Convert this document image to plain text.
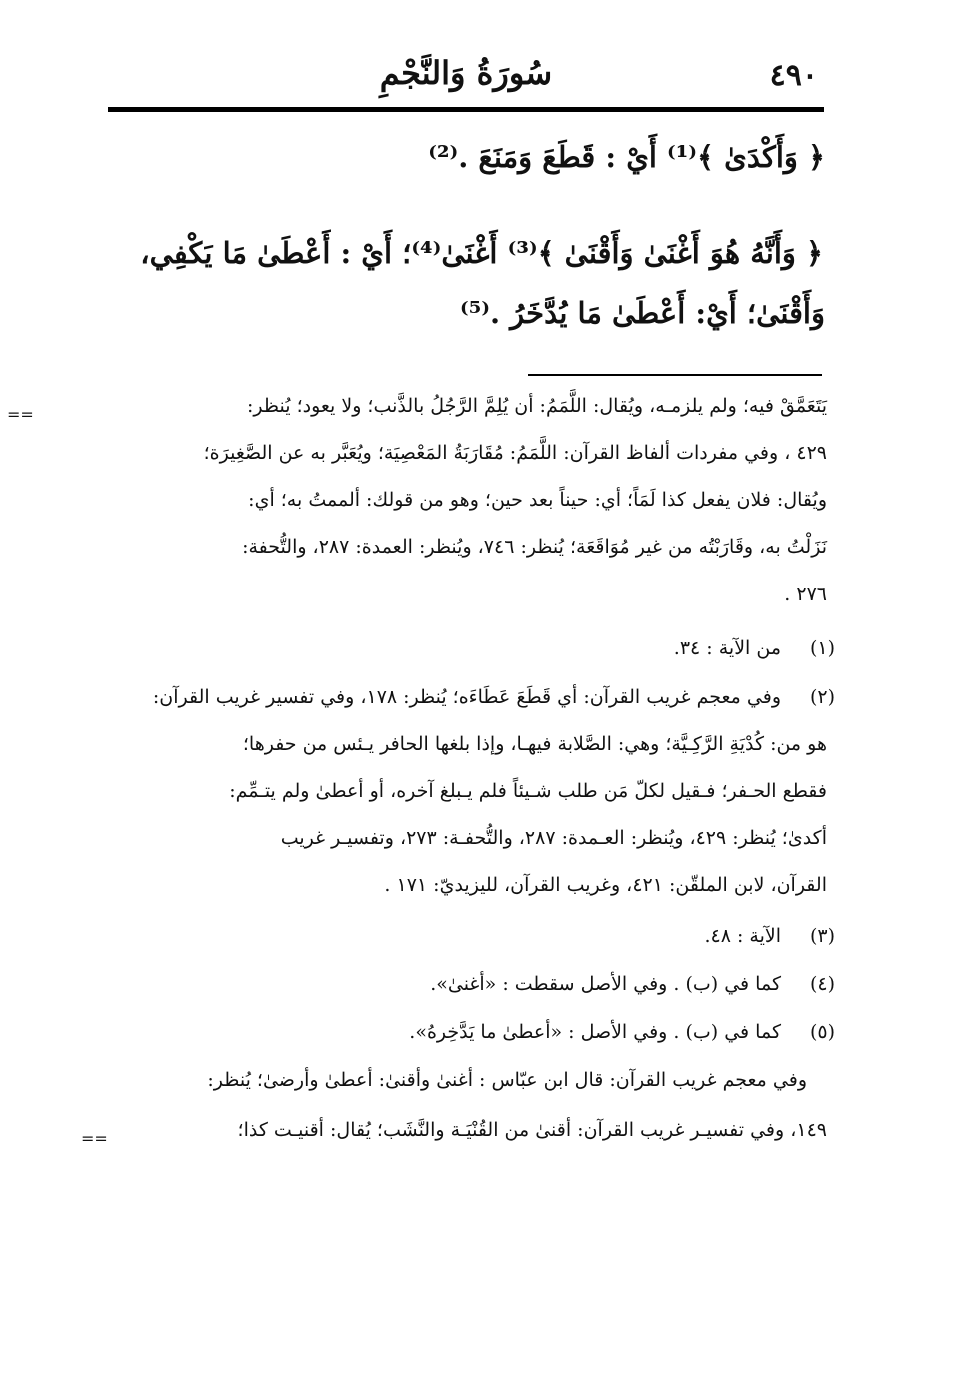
٤٩٠
سُورَةُ وَالنَّجْمِ
﴿ وَأَكْدَىٰ ﴾⁽¹⁾ أَيْ : قَطَعَ وَمَنَعَ .⁽²⁾
﴿ وَأَنَّهُ هُوَ أَغْنَىٰ وَأَقْنَىٰ ﴾⁽³⁾ أَغْنَىٰ⁽⁴⁾؛ أَيْ : أَعْطَىٰ مَا يَكْفِي،
وَأَقْنَىٰ؛ أَيْ: أَعْطَىٰ مَا يُدَّخَرُ .⁽⁵⁾
==	يَتَعَمَّقْ فيه؛ ولم يلزمـه، ويُقال: اللَّمَمُ: أن يُلِمَّ الرَّجُلُ بالذَّنب؛ ولا يعود؛ يُنظر:
٤٢٩ ، وفي مفردات ألفاظ القرآن: اللَّمَمُ: مُقَارَبَةُ المَعْصِيَة؛ ويُعَبَّر به عن الصَّغِيرَة؛
ويُقال: فلان يفعل كذا لَمَاً؛ أي: حيناً بعد حين؛ وهو من قولك: ألممتُ به؛ أي:
نَزَلْتُ به، وقَارَبْتُه من غير مُوَاقَعَة؛ يُنظر: ٧٤٦، ويُنظر: العمدة: ٢٨٧، والتُّحفة:
٢٧٦ .
(١)
من الآية : ٣٤.
(٢)
وفي معجم غريب القرآن: أي قَطَعَ عَطَاءَه؛ يُنظر: ١٧٨، وفي تفسير غريب القرآن:
هو من: كُدْيَةِ الرَّكِـيَّة؛ وهي: الصَّلابة فيهـا، وإذا بلغها الحافر يـئس من حفرها؛
فقطع الحـفر؛ فـقيل لكلّ مَن طلب شـيئاً فلم يـبلغ آخره، أو أعطىٰ ولم يتـمِّم:
أكدىٰ؛ يُنظر: ٤٢٩، ويُنظر: العـمدة: ٢٨٧، والتُّحفـة: ٢٧٣، وتفسيـر غريب
القرآن، لابن الملقّن: ٤٢١، وغريب القرآن، لليزيديّ: ١٧١ .
(٣)
الآية : ٤٨.
(٤)
كما في (ب) . وفي الأصل سقطت : «أغنىٰ».
(٥)
كما في (ب) . وفي الأصل : «أعطىٰ ما يَدَّخِرهُ».
وفي معجم غريب القرآن: قال ابن عبّاس : أغنىٰ وأقنىٰ: أعطىٰ وأرضىٰ؛ يُنظر:
١٤٩، وفي تفسيـر غريب القرآن: أقنىٰ من القُنْيَـة والنَّشَب؛ يُقال: أقنيـت كذا؛
==
